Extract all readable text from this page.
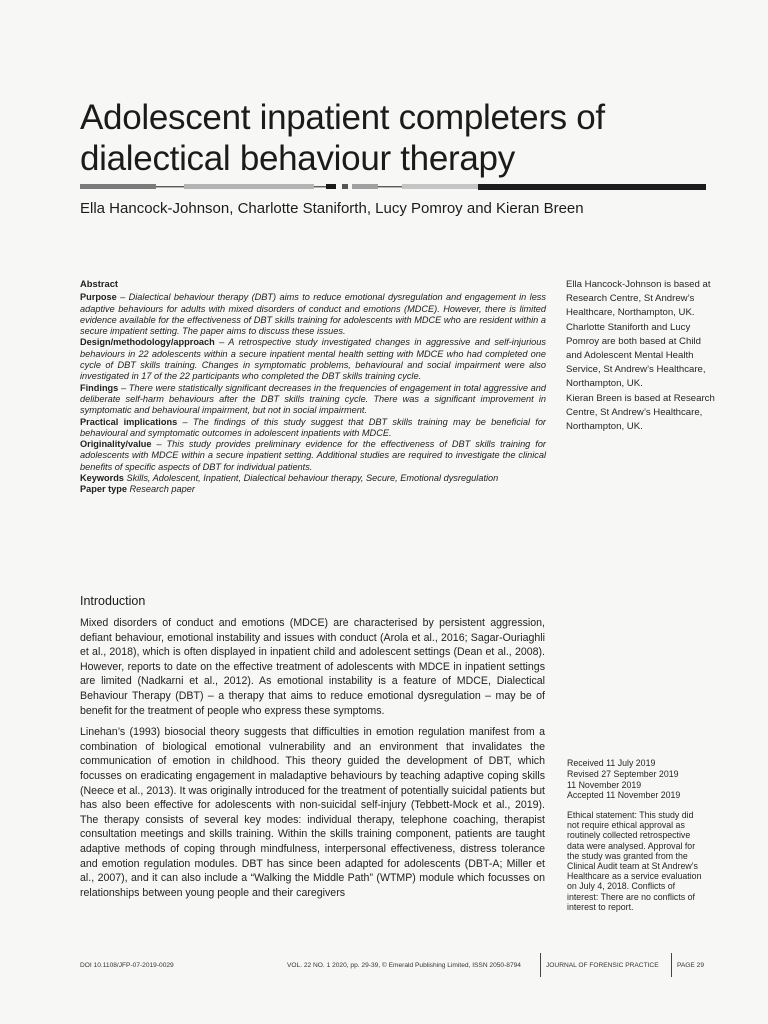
Adolescent inpatient completers of dialectical behaviour therapy
Ella Hancock-Johnson, Charlotte Staniforth, Lucy Pomroy and Kieran Breen
Abstract

Purpose – Dialectical behaviour therapy (DBT) aims to reduce emotional dysregulation and engagement in less adaptive behaviours for adults with mixed disorders of conduct and emotions (MDCE). However, there is limited evidence available for the effectiveness of DBT skills training for adolescents with MDCE who are resident within a secure impatient setting. The paper aims to discuss these issues.

Design/methodology/approach – A retrospective study investigated changes in aggressive and self-injurious behaviours in 22 adolescents within a secure inpatient mental health setting with MDCE who had completed one cycle of DBT skills training. Changes in symptomatic problems, behavioural and social impairment were also investigated in 17 of the 22 participants who completed the DBT skills training cycle.

Findings – There were statistically significant decreases in the frequencies of engagement in total aggressive and deliberate self-harm behaviours after the DBT skills training cycle. There was a significant improvement in symptomatic and behavioural impairment, but not in social impairment.

Practical implications – The findings of this study suggest that DBT skills training may be beneficial for behavioural and symptomatic outcomes in adolescent inpatients with MDCE.

Originality/value – This study provides preliminary evidence for the effectiveness of DBT skills training for adolescents with MDCE within a secure inpatient setting. Additional studies are required to investigate the clinical benefits of specific aspects of DBT for individual patients.

Keywords Skills, Adolescent, Inpatient, Dialectical behaviour therapy, Secure, Emotional dysregulation

Paper type Research paper

Ella Hancock-Johnson is based at Research Centre, St Andrew’s Healthcare, Northampton, UK.

Charlotte Staniforth and Lucy Pomroy are both based at Child and Adolescent Mental Health Service, St Andrew’s Healthcare, Northampton, UK.

Kieran Breen is based at Research Centre, St Andrew’s Healthcare, Northampton, UK.

Introduction

Mixed disorders of conduct and emotions (MDCE) are characterised by persistent aggression, defiant behaviour, emotional instability and issues with conduct (Arola et al., 2016; Sagar-Ouriaghli et al., 2018), which is often displayed in inpatient child and adolescent settings (Dean et al., 2008). However, reports to date on the effective treatment of adolescents with MDCE in inpatient settings are limited (Nadkarni et al., 2012). As emotional instability is a feature of MDCE, Dialectical Behaviour Therapy (DBT) – a therapy that aims to reduce emotional dysregulation – may be of benefit for the treatment of people who express these symptoms.

Linehan’s (1993) biosocial theory suggests that difficulties in emotion regulation manifest from a combination of biological emotional vulnerability and an environment that invalidates the communication of emotion in childhood. This theory guided the development of DBT, which focusses on eradicating engagement in maladaptive behaviours by teaching adaptive coping skills (Neece et al., 2013). It was originally introduced for the treatment of potentially suicidal patients but has also been effective for adolescents with non-suicidal self-injury (Tebbett-Mock et al., 2019). The therapy consists of several key modes: individual therapy, telephone coaching, therapist consultation meetings and skills training. Within the skills training component, patients are taught adaptive methods of coping through mindfulness, interpersonal effectiveness, distress tolerance and emotion regulation modules. DBT has since been adapted for adolescents (DBT-A; Miller et al., 2007), and it can also include a “Walking the Middle Path” (WTMP) module which focusses on relationships between young people and their caregivers

Received 11 July 2019
Revised 27 September 2019
11 November 2019
Accepted 11 November 2019
Ethical statement: This study did not require ethical approval as routinely collected retrospective data were analysed. Approval for the study was granted from the Clinical Audit team at St Andrew’s Healthcare as a service evaluation on July 4, 2018. Conflicts of interest: There are no conflicts of interest to report.
DOI 10.1108/JFP-07-2019-0029	VOL. 22 NO. 1 2020, pp. 29-39, © Emerald Publishing Limited, ISSN 2050-8794	JOURNAL OF FORENSIC PRACTICE	PAGE 29
